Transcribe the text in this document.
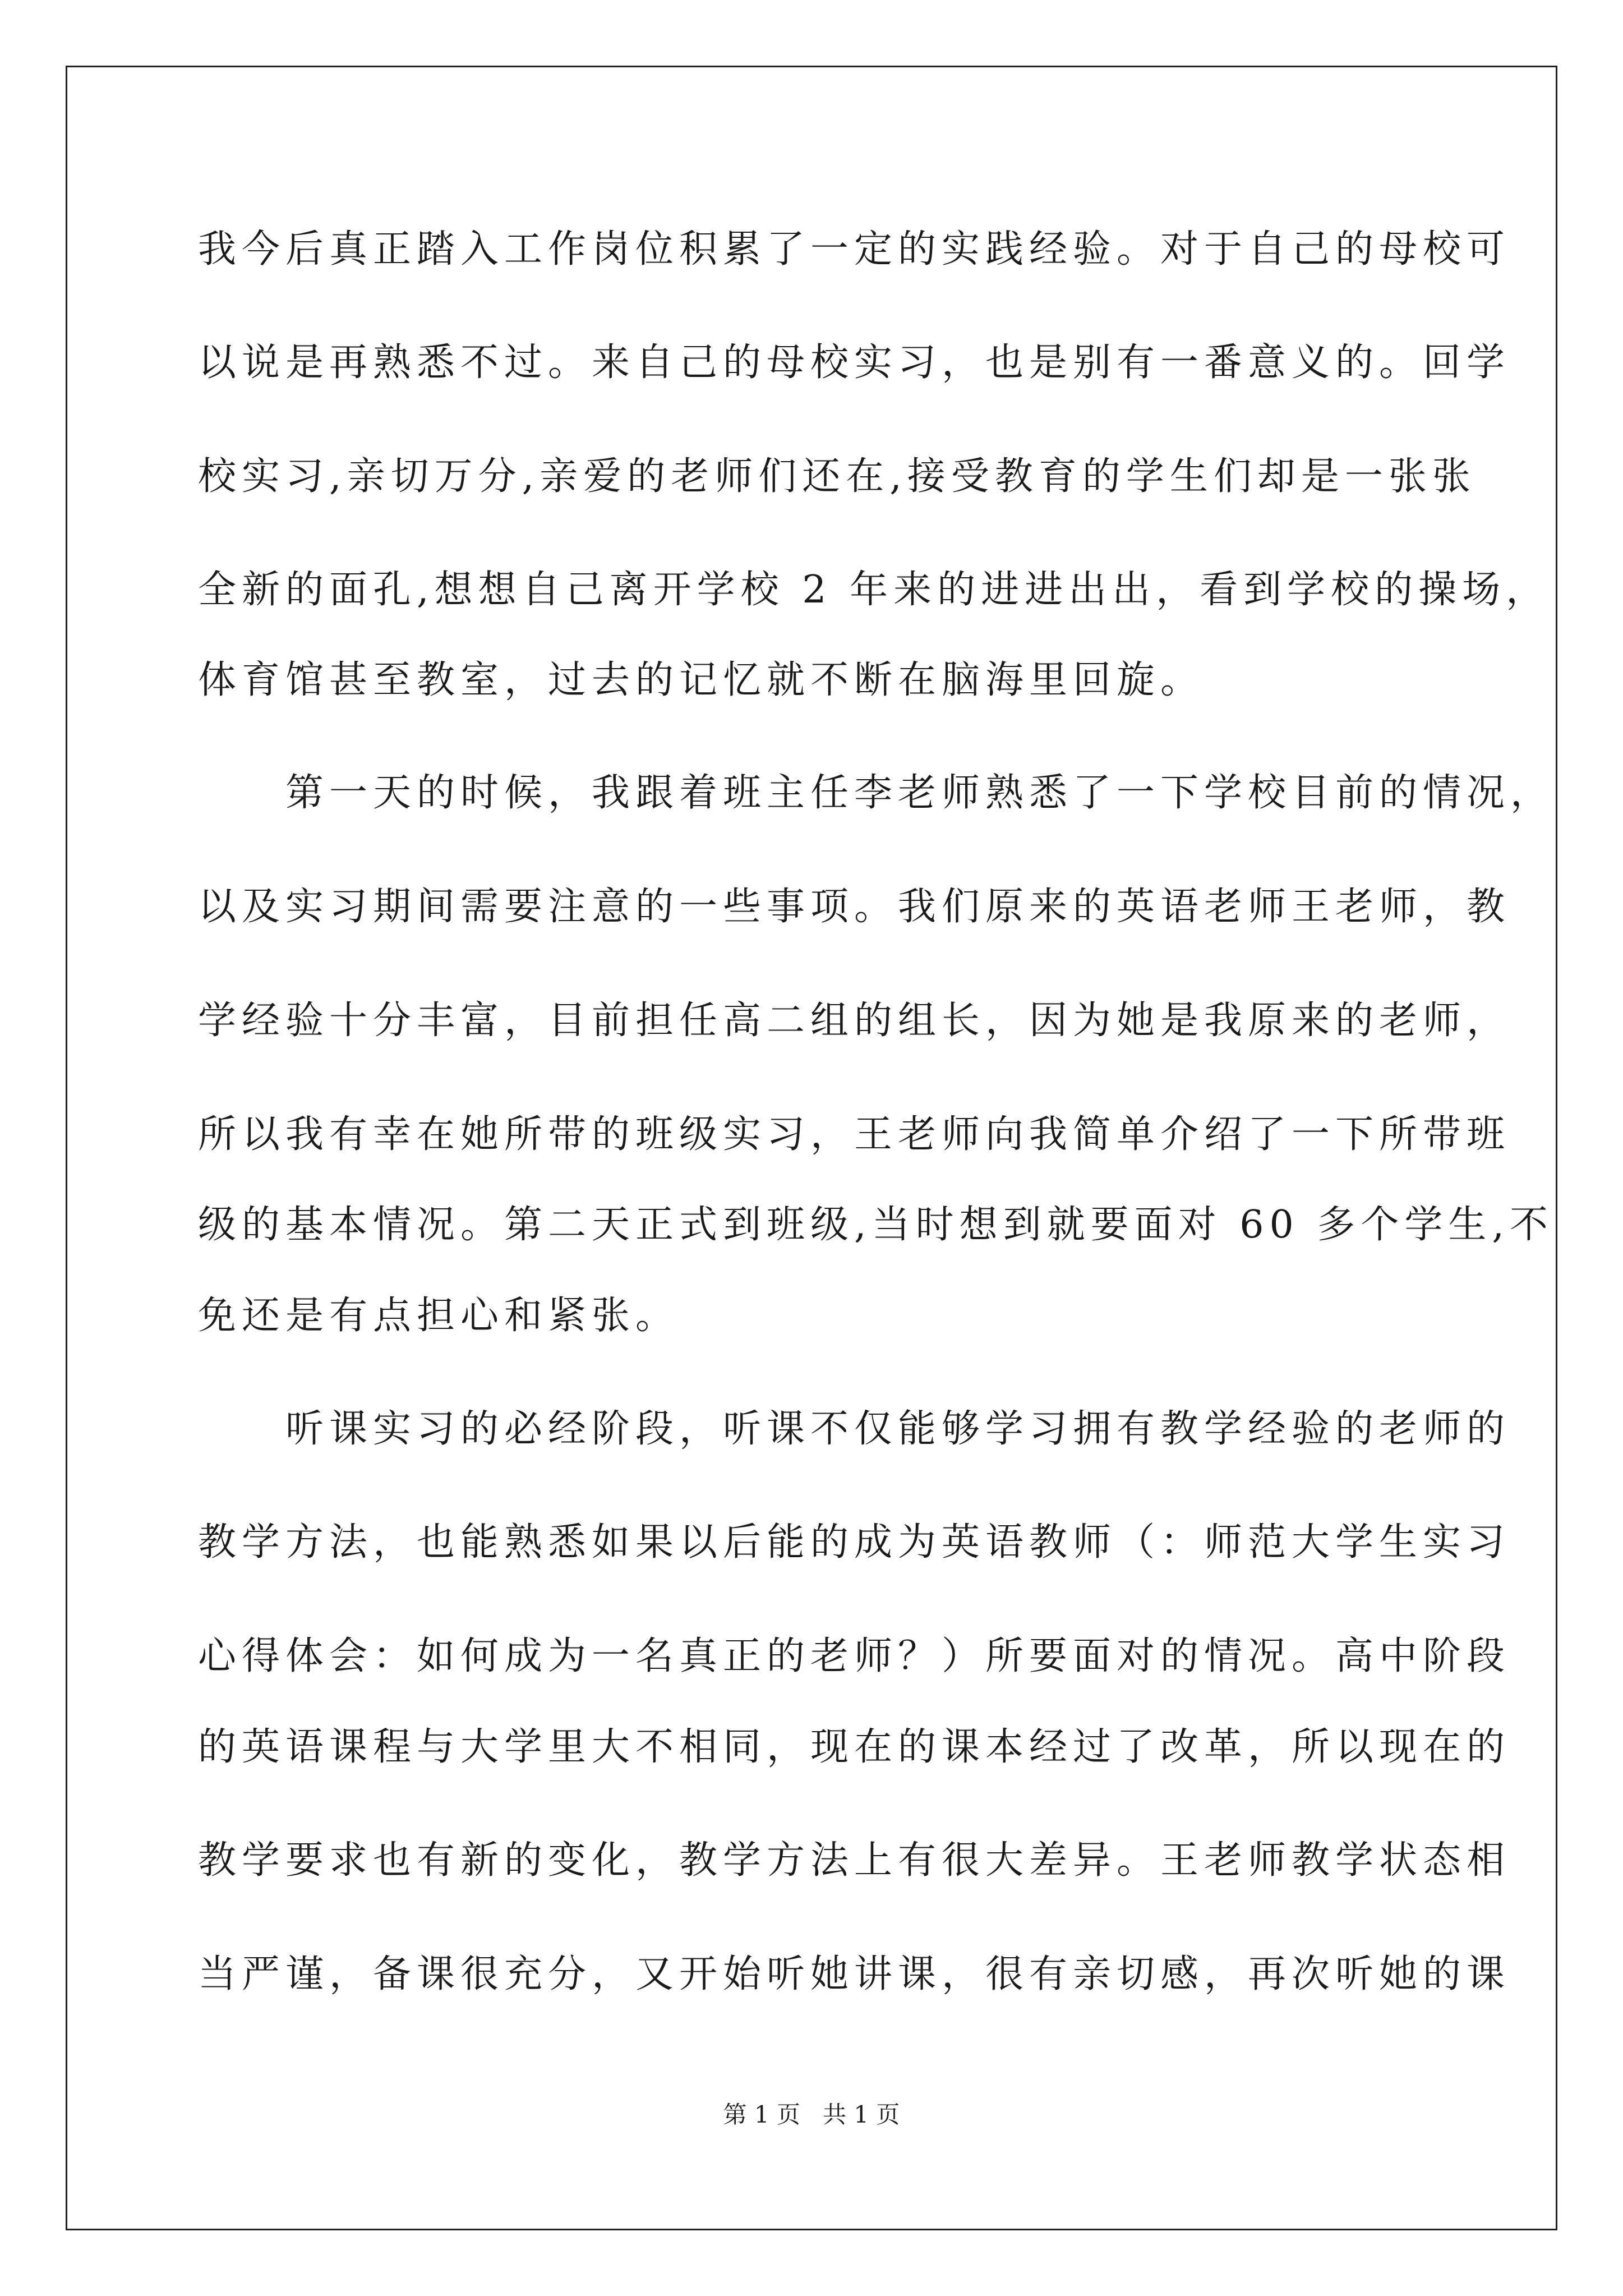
我今后真正踏入工作岗位积累了一定的实践经验。对于自己的母校可
以说是再熟悉不过。来自己的母校实习，也是别有一番意义的。回学
校实习,亲切万分,亲爱的老师们还在,接受教育的学生们却是一张张
全新的面孔,想想自己离开学校 2 年来的进进出出，看到学校的操场，
体育馆甚至教室，过去的记忆就不断在脑海里回旋。
　　第一天的时候，我跟着班主任李老师熟悉了一下学校目前的情况，
以及实习期间需要注意的一些事项。我们原来的英语老师王老师，教
学经验十分丰富，目前担任高二组的组长，因为她是我原来的老师，
所以我有幸在她所带的班级实习，王老师向我简单介绍了一下所带班
级的基本情况。第二天正式到班级,当时想到就要面对 60 多个学生,不
免还是有点担心和紧张。
　　听课实习的必经阶段，听课不仅能够学习拥有教学经验的老师的
教学方法，也能熟悉如果以后能的成为英语教师（：师范大学生实习
心得体会：如何成为一名真正的老师？）所要面对的情况。高中阶段
的英语课程与大学里大不相同，现在的课本经过了改革，所以现在的
教学要求也有新的变化，教学方法上有很大差异。王老师教学状态相
当严谨，备课很充分，又开始听她讲课，很有亲切感，再次听她的课
第 1 页 共 1 页
